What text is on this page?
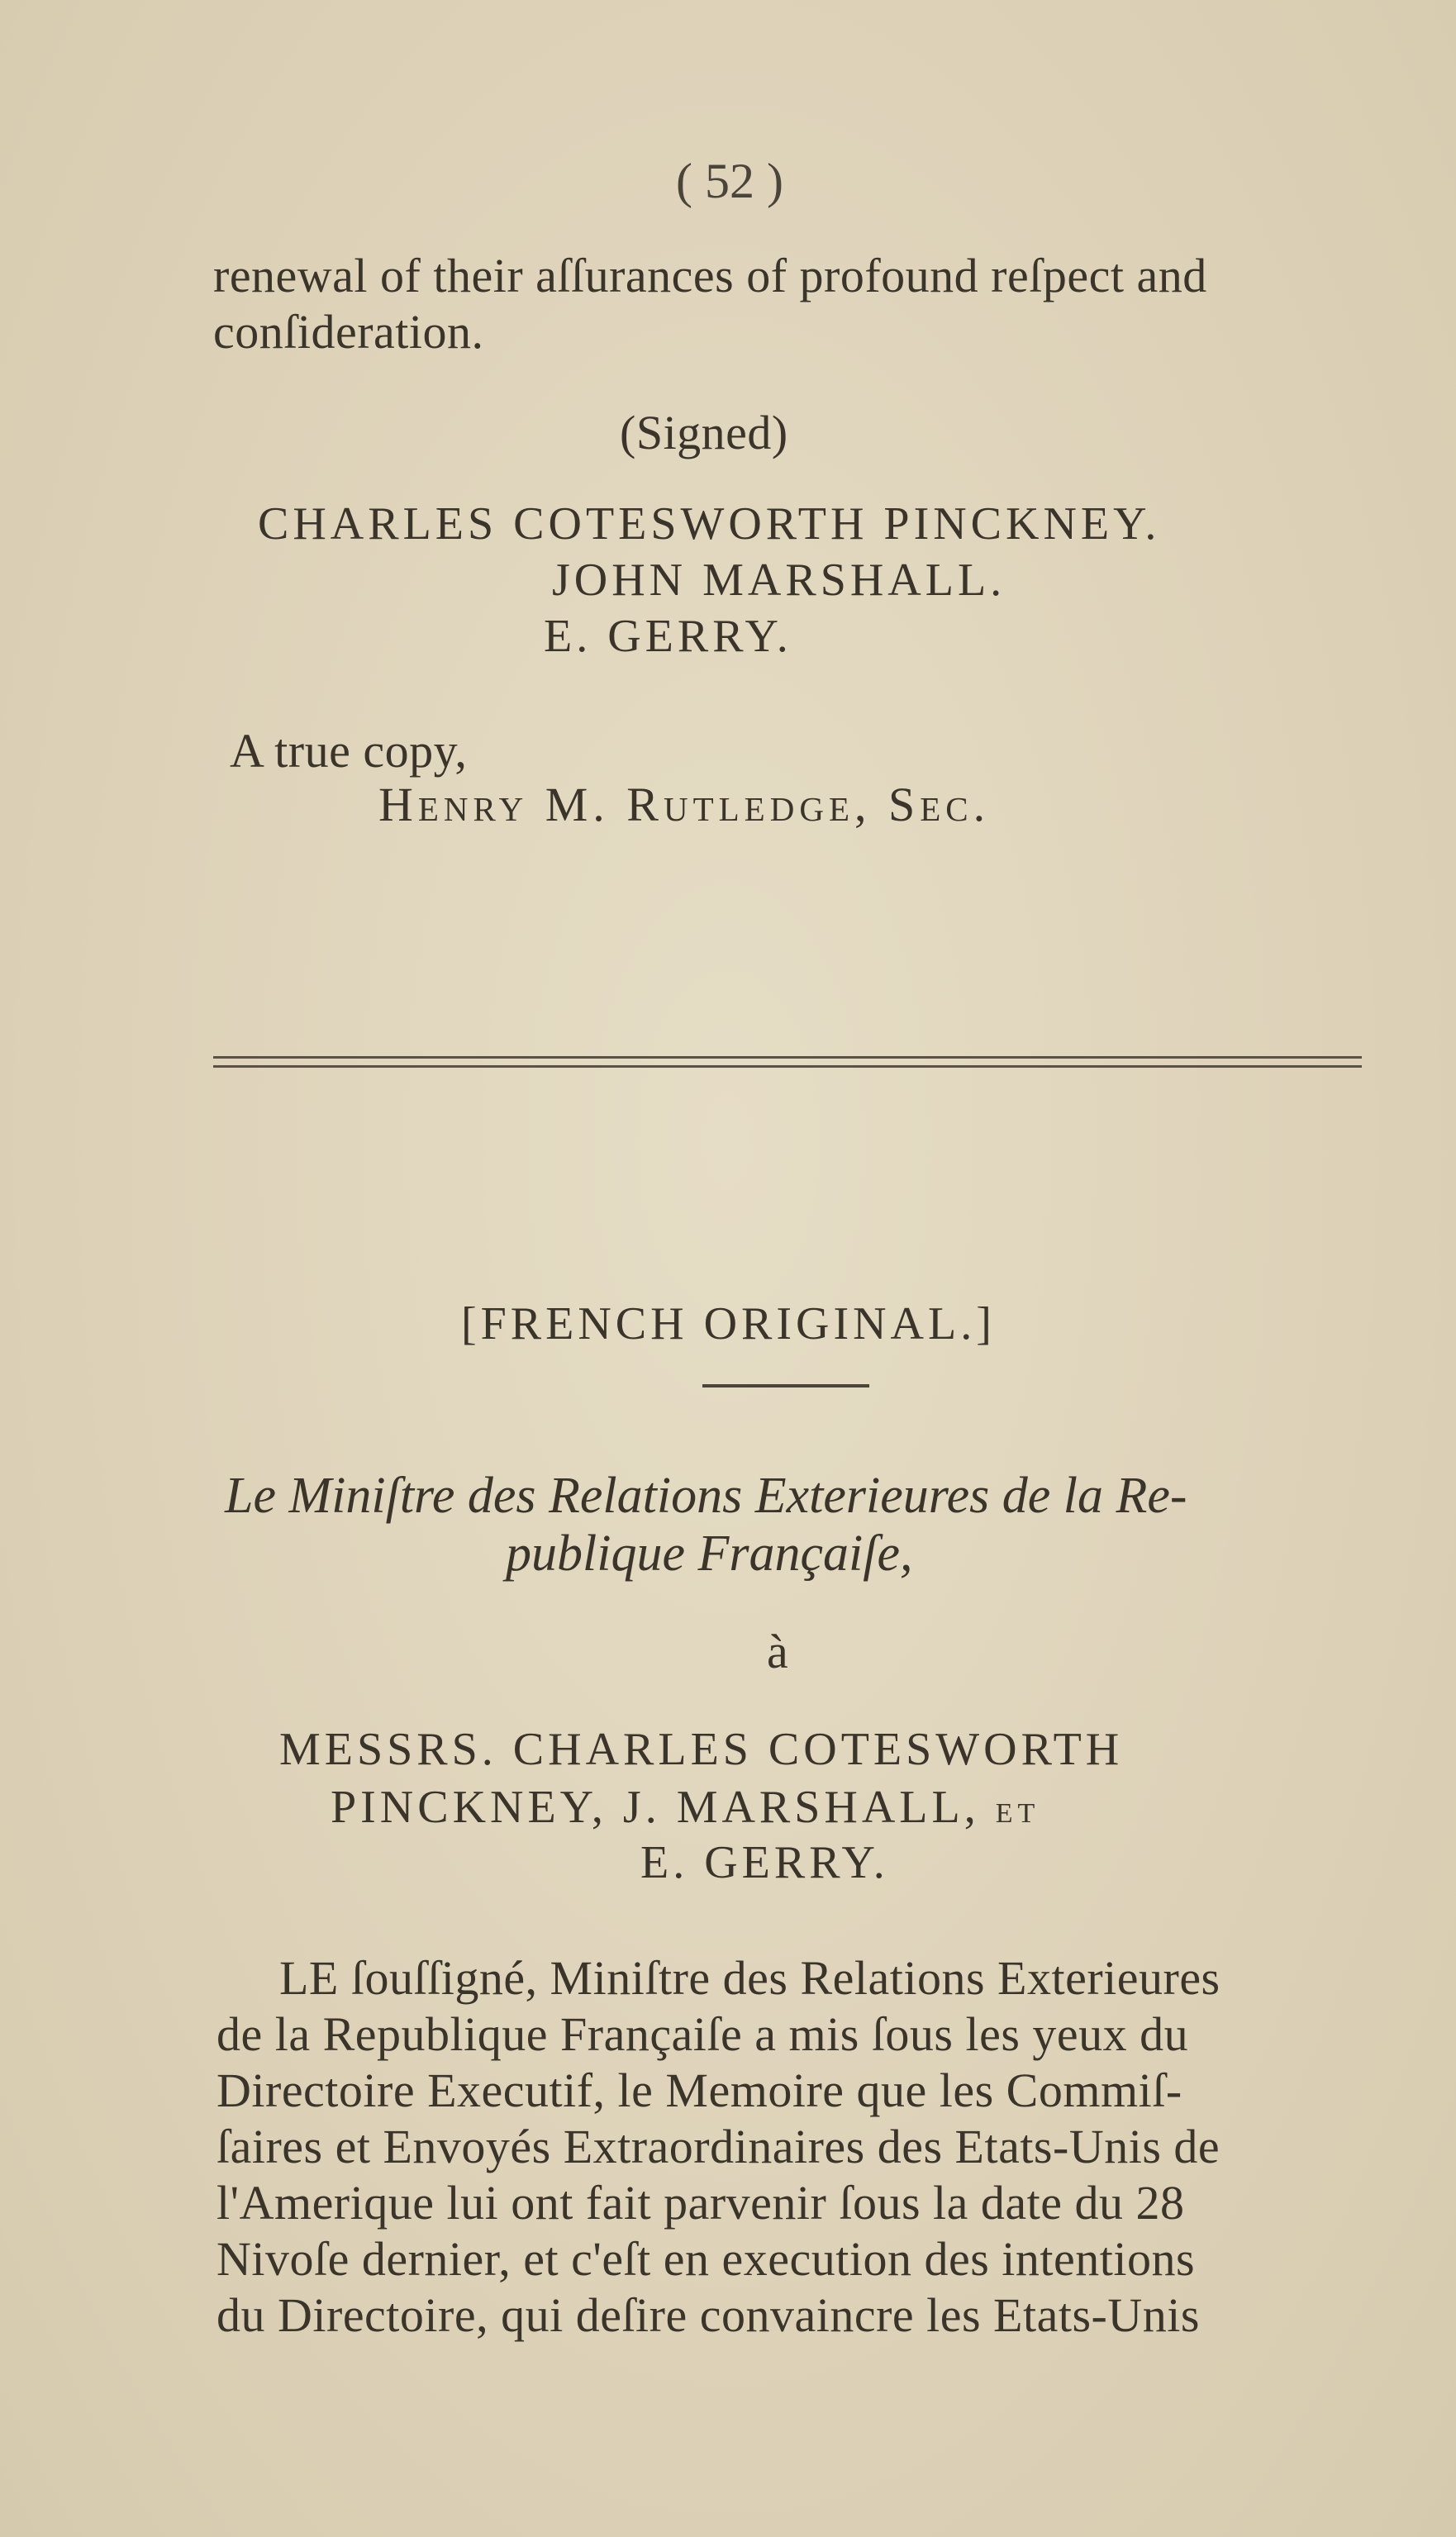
( 52 )
renewal of their aſſurances of profound reſpect and
conſideration.
(Signed)
CHARLES COTESWORTH PINCKNEY.
JOHN MARSHALL.
E. GERRY.
A true copy,
Henry M. Rutledge, Sec.
[FRENCH ORIGINAL.]
Le Miniſtre des Relations Exterieures de la Re-
publique Françaiſe,
à
MESSRS. CHARLES COTESWORTH
PINCKNEY, J. MARSHALL, ET
E. GERRY.
LE ſouſſigné, Miniſtre des Relations Exterieures
de la Republique Françaiſe a mis ſous les yeux du
Directoire Executif, le Memoire que les Commiſ-
ſaires et Envoyés Extraordinaires des Etats-Unis de
l'Amerique lui ont fait parvenir ſous la date du 28
Nivoſe dernier, et c'eſt en execution des intentions
du Directoire, qui deſire convaincre les Etats-Unis
